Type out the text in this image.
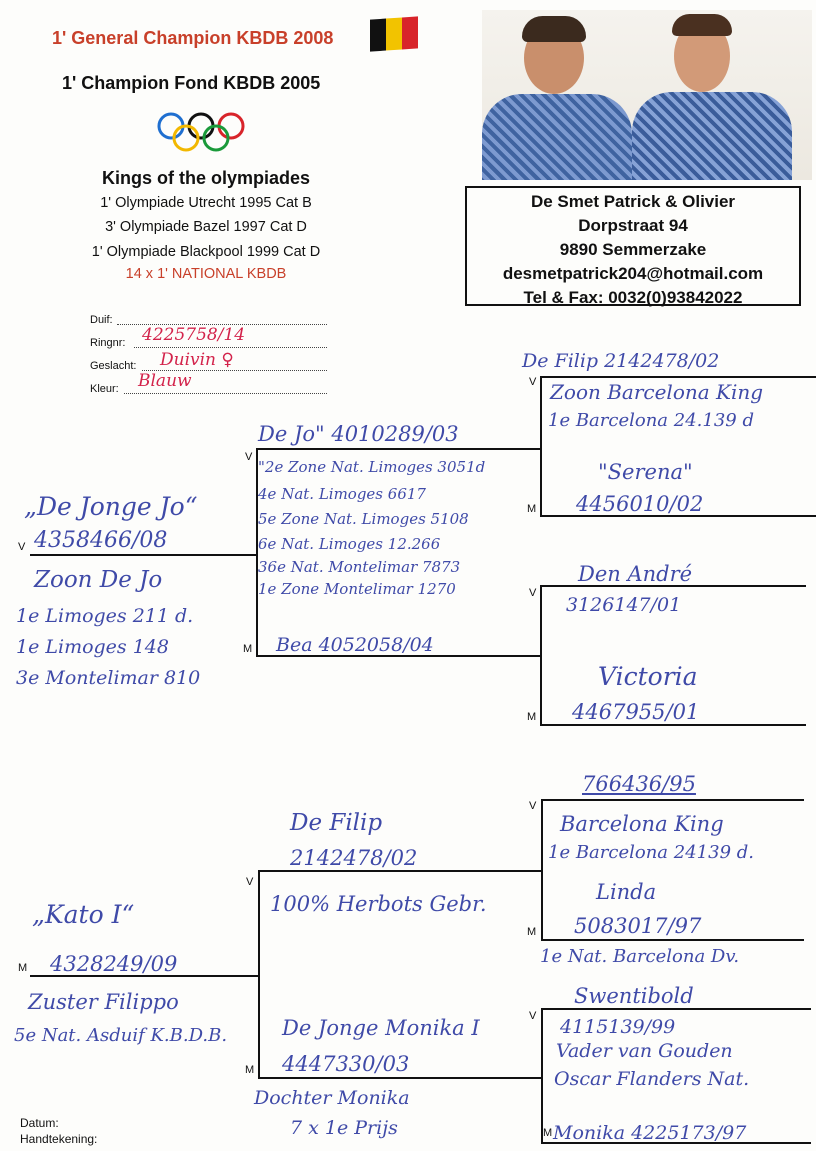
1' General Champion KBDB 2008
1' Champion Fond KBDB 2005
Kings of the olympiades
1' Olympiade Utrecht 1995 Cat B
3' Olympiade Bazel 1997 Cat D
1' Olympiade Blackpool 1999 Cat D
14 x 1' NATIONAL KBDB
De Smet Patrick & Olivier
Dorpstraat 94
9890 Semmerzake
desmetpatrick204@hotmail.com
Tel & Fax: 0032(0)93842022
Duif:
Ringnr: 4225758/14
Geslacht: Duivin ♀
Kleur: Blauw
V
V
M
V
M
V
M
M
V
M
V
M
V
M
„De Jonge Jo“
4358466/08
Zoon De Jo
1e Limoges 211 d.
1e Limoges 148
3e Montelimar 810
De Jo" 4010289/03
"2e Zone Nat. Limoges 3051d
4e Nat. Limoges 6617
5e Zone Nat. Limoges 5108
6e Nat. Limoges 12.266
36e Nat. Montelimar 7873
1e Zone Montelimar 1270
Bea 4052058/04
De Filip 2142478/02
Zoon Barcelona King
1e Barcelona 24.139 d
"Serena"
4456010/02
Den André
3126147/01
Victoria
4467955/01
„Kato I“
4328249/09
Zuster Filippo
5e Nat. Asduif K.B.D.B.
De Filip
2142478/02
100% Herbots Gebr.
De Jonge Monika I
4447330/03
Dochter Monika
7 x 1e Prijs
766436/95
Barcelona King
1e Barcelona 24139 d.
Linda
5083017/97
1e Nat. Barcelona Dv.
Swentibold
4115139/99
Vader van Gouden
Oscar Flanders Nat.
Monika 4225173/97
Datum:
Handtekening:
